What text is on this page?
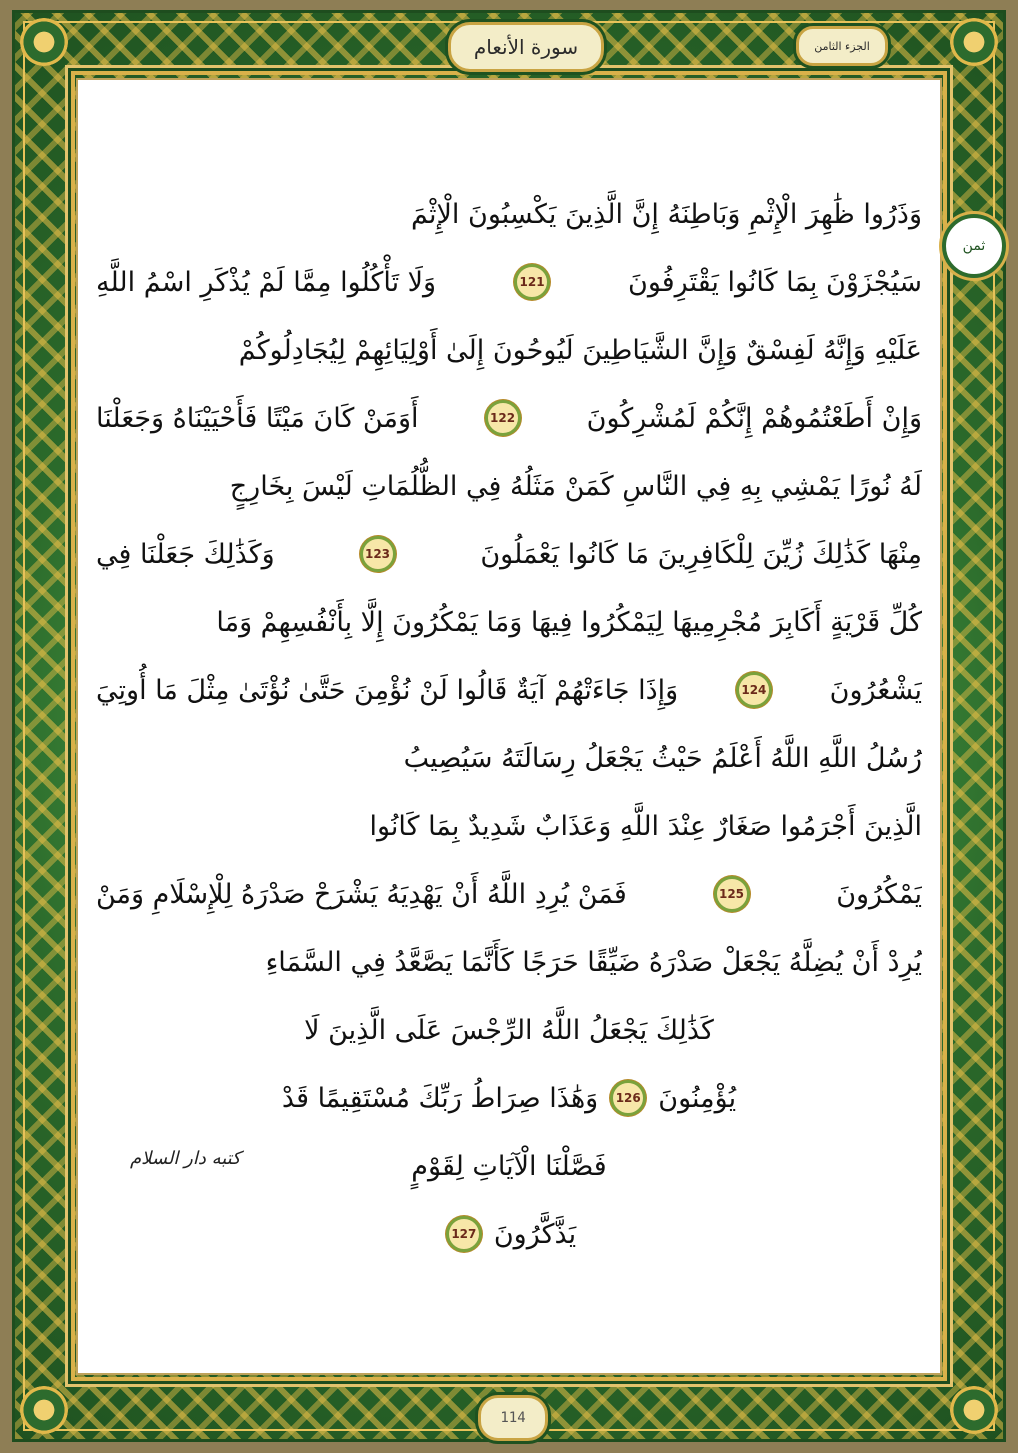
سورة الأنعام	الجزء الثامن
ثمن
وَذَرُوا ظَٰهِرَ الْإِثْمِ وَبَاطِنَهُ إِنَّ الَّذِينَ يَكْسِبُونَ الْإِثْمَ
سَيُجْزَوْنَ بِمَا كَانُوا يَقْتَرِفُونَ
121
وَلَا تَأْكُلُوا مِمَّا لَمْ يُذْكَرِ اسْمُ اللَّهِ
عَلَيْهِ وَإِنَّهُ لَفِسْقٌ وَإِنَّ الشَّيَاطِينَ لَيُوحُونَ إِلَىٰ أَوْلِيَائِهِمْ لِيُجَادِلُوكُمْ
وَإِنْ أَطَعْتُمُوهُمْ إِنَّكُمْ لَمُشْرِكُونَ
122
أَوَمَنْ كَانَ مَيْتًا فَأَحْيَيْنَاهُ وَجَعَلْنَا
لَهُ نُورًا يَمْشِي بِهِ فِي النَّاسِ كَمَنْ مَثَلُهُ فِي الظُّلُمَاتِ لَيْسَ بِخَارِجٍ
مِنْهَا كَذَٰلِكَ زُيِّنَ لِلْكَافِرِينَ مَا كَانُوا يَعْمَلُونَ
123
وَكَذَٰلِكَ جَعَلْنَا فِي
كُلِّ قَرْيَةٍ أَكَابِرَ مُجْرِمِيهَا لِيَمْكُرُوا فِيهَا وَمَا يَمْكُرُونَ إِلَّا بِأَنْفُسِهِمْ وَمَا
يَشْعُرُونَ
124
وَإِذَا جَاءَتْهُمْ آيَةٌ قَالُوا لَنْ نُؤْمِنَ حَتَّىٰ نُؤْتَىٰ مِثْلَ مَا أُوتِيَ
رُسُلُ اللَّهِ اللَّهُ أَعْلَمُ حَيْثُ يَجْعَلُ رِسَالَتَهُ سَيُصِيبُ
الَّذِينَ أَجْرَمُوا صَغَارٌ عِنْدَ اللَّهِ وَعَذَابٌ شَدِيدٌ بِمَا كَانُوا
يَمْكُرُونَ
125
فَمَنْ يُرِدِ اللَّهُ أَنْ يَهْدِيَهُ يَشْرَحْ صَدْرَهُ لِلْإِسْلَامِ وَمَنْ
يُرِدْ أَنْ يُضِلَّهُ يَجْعَلْ صَدْرَهُ ضَيِّقًا حَرَجًا كَأَنَّمَا يَصَّعَّدُ فِي السَّمَاءِ
كَذَٰلِكَ يَجْعَلُ اللَّهُ الرِّجْسَ عَلَى الَّذِينَ لَا
يُؤْمِنُونَ
126
وَهَٰذَا صِرَاطُ رَبِّكَ مُسْتَقِيمًا قَدْ
فَصَّلْنَا الْآيَاتِ لِقَوْمٍ
يَذَّكَّرُونَ
127
كتبه دار السلام
114
